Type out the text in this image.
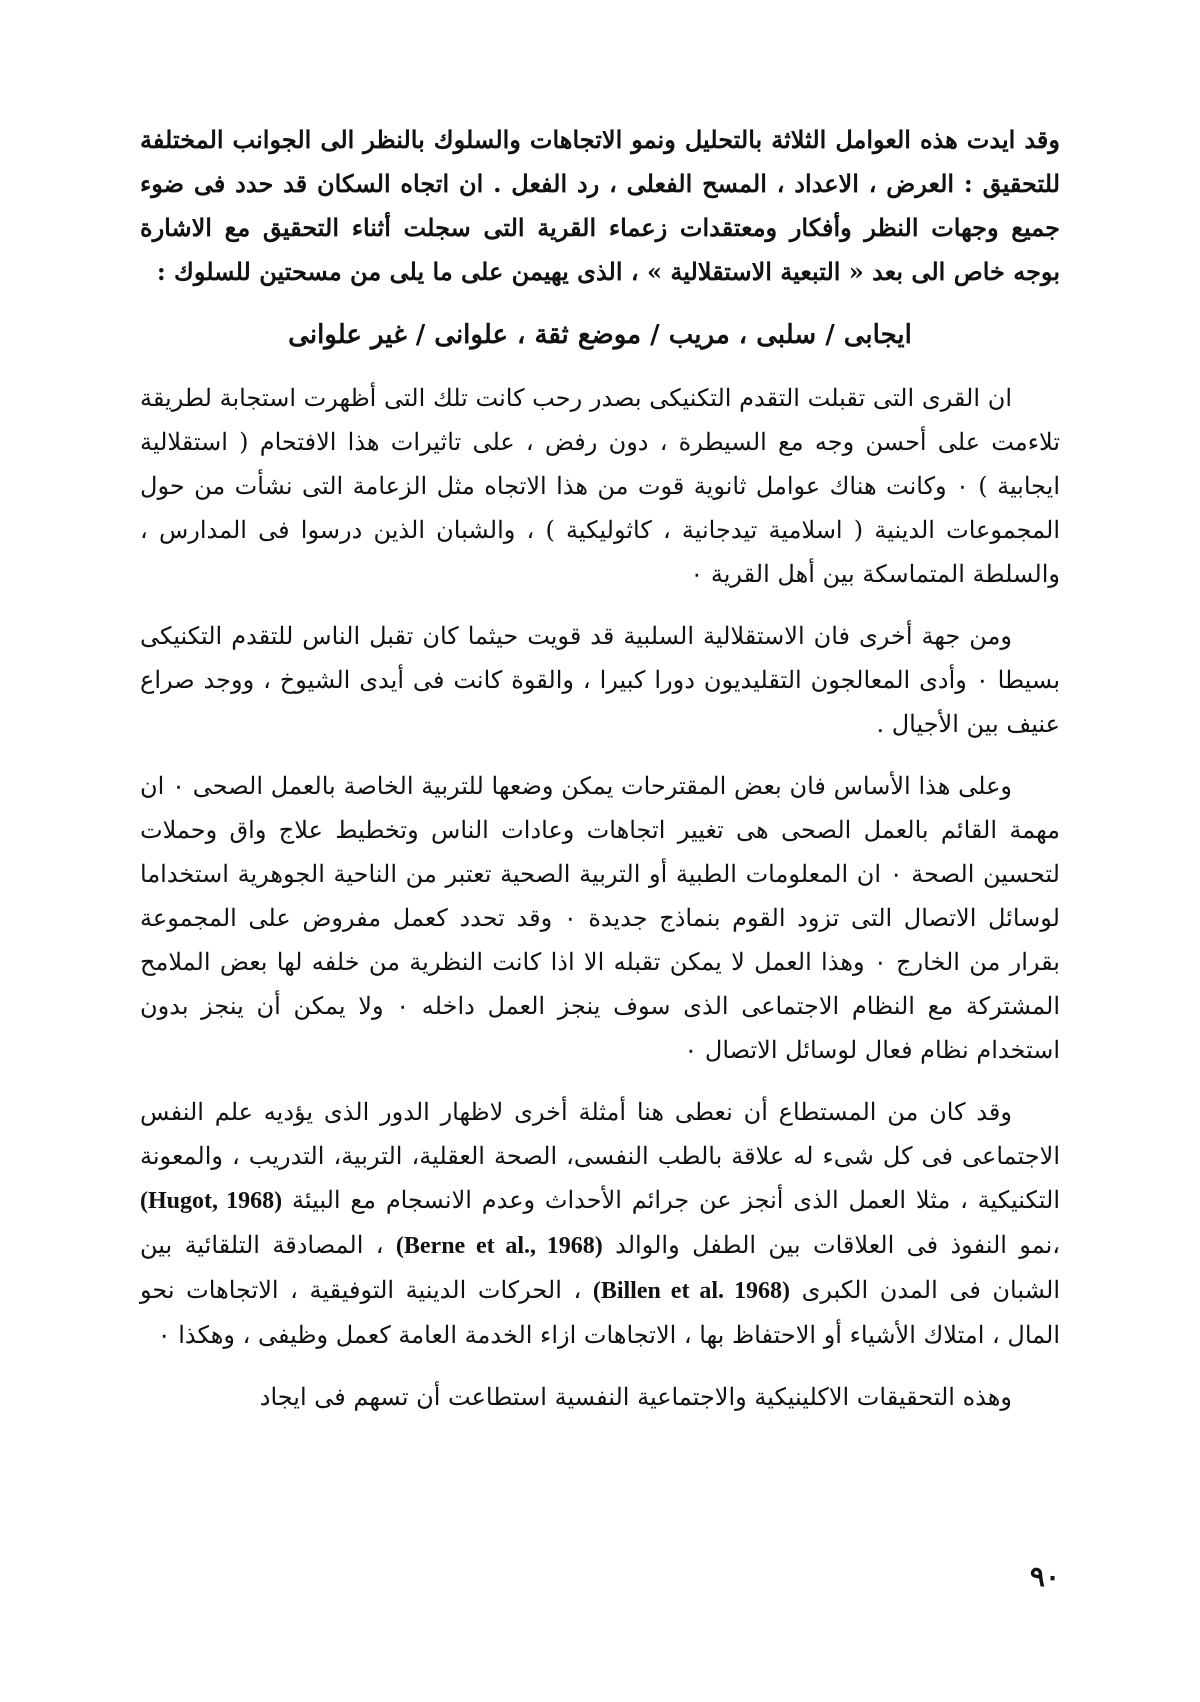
وقد ايدت هذه العوامل الثلاثة بالتحليل ونمو الاتجاهات والسلوك بالنظر الى الجوانب المختلفة للتحقيق : العرض ، الاعداد ، المسح الفعلى ، رد الفعل . ان اتجاه السكان قد حدد فى ضوء جميع وجهات النظر وأفكار ومعتقدات زعماء القرية التى سجلت أثناء التحقيق مع الاشارة بوجه خاص الى بعد « التبعية الاستقلالية » ، الذى يهيمن على ما يلى من مسحتين للسلوك :

ايجابى / سلبى ، مريب / موضع ثقة ، علوانى / غير علوانى

ان القرى التى تقبلت التقدم التكنيكى بصدر رحب كانت تلك التى أظهرت استجابة لطريقة تلاءمت على أحسن وجه مع السيطرة ، دون رفض ، على تاثيرات هذا الافتحام ( استقلالية ايجابية ) ٠ وكانت هناك عوامل ثانوية قوت من هذا الاتجاه مثل الزعامة التى نشأت من حول المجموعات الدينية ( اسلامية تيدجانية ، كاثوليكية ) ، والشبان الذين درسوا فى المدارس ، والسلطة المتماسكة بين أهل القرية ٠

ومن جهة أخرى فان الاستقلالية السلبية قد قويت حيثما كان تقبل الناس للتقدم التكنيكى بسيطا ٠ وأدى المعالجون التقليديون دورا كبيرا ، والقوة كانت فى أيدى الشيوخ ، ووجد صراع عنيف بين الأجيال .

وعلى هذا الأساس فان بعض المقترحات يمكن وضعها للتربية الخاصة بالعمل الصحى ٠ ان مهمة القائم بالعمل الصحى هى تغيير اتجاهات وعادات الناس وتخطيط علاج واق وحملات لتحسين الصحة ٠ ان المعلومات الطبية أو التربية الصحية تعتبر من الناحية الجوهرية استخداما لوسائل الاتصال التى تزود القوم بنماذج جديدة ٠ وقد تحدد كعمل مفروض على المجموعة بقرار من الخارج ٠ وهذا العمل لا يمكن تقبله الا اذا كانت النظرية من خلفه لها بعض الملامح المشتركة مع النظام الاجتماعى الذى سوف ينجز العمل داخله ٠ ولا يمكن أن ينجز بدون استخدام نظام فعال لوسائل الاتصال ٠

وقد كان من المستطاع أن نعطى هنا أمثلة أخرى لاظهار الدور الذى يؤديه علم النفس الاجتماعى فى كل شىء له علاقة بالطب النفسى، الصحة العقلية، التربية، التدريب ، والمعونة التكنيكية ، مثلا العمل الذى أنجز عن جرائم الأحداث وعدم الانسجام مع البيئة (Hugot, 1968) ،نمو النفوذ فى العلاقات بين الطفل والوالد (Berne et al., 1968) ، المصادقة التلقائية بين الشبان فى المدن الكبرى (Billen et al. 1968) ، الحركات الدينية التوفيقية ، الاتجاهات نحو المال ، امتلاك الأشياء أو الاحتفاظ بها ، الاتجاهات ازاء الخدمة العامة كعمل وظيفى ، وهكذا ٠

وهذه التحقيقات الاكلينيكية والاجتماعية النفسية استطاعت أن تسهم فى ايجاد

٩٠
